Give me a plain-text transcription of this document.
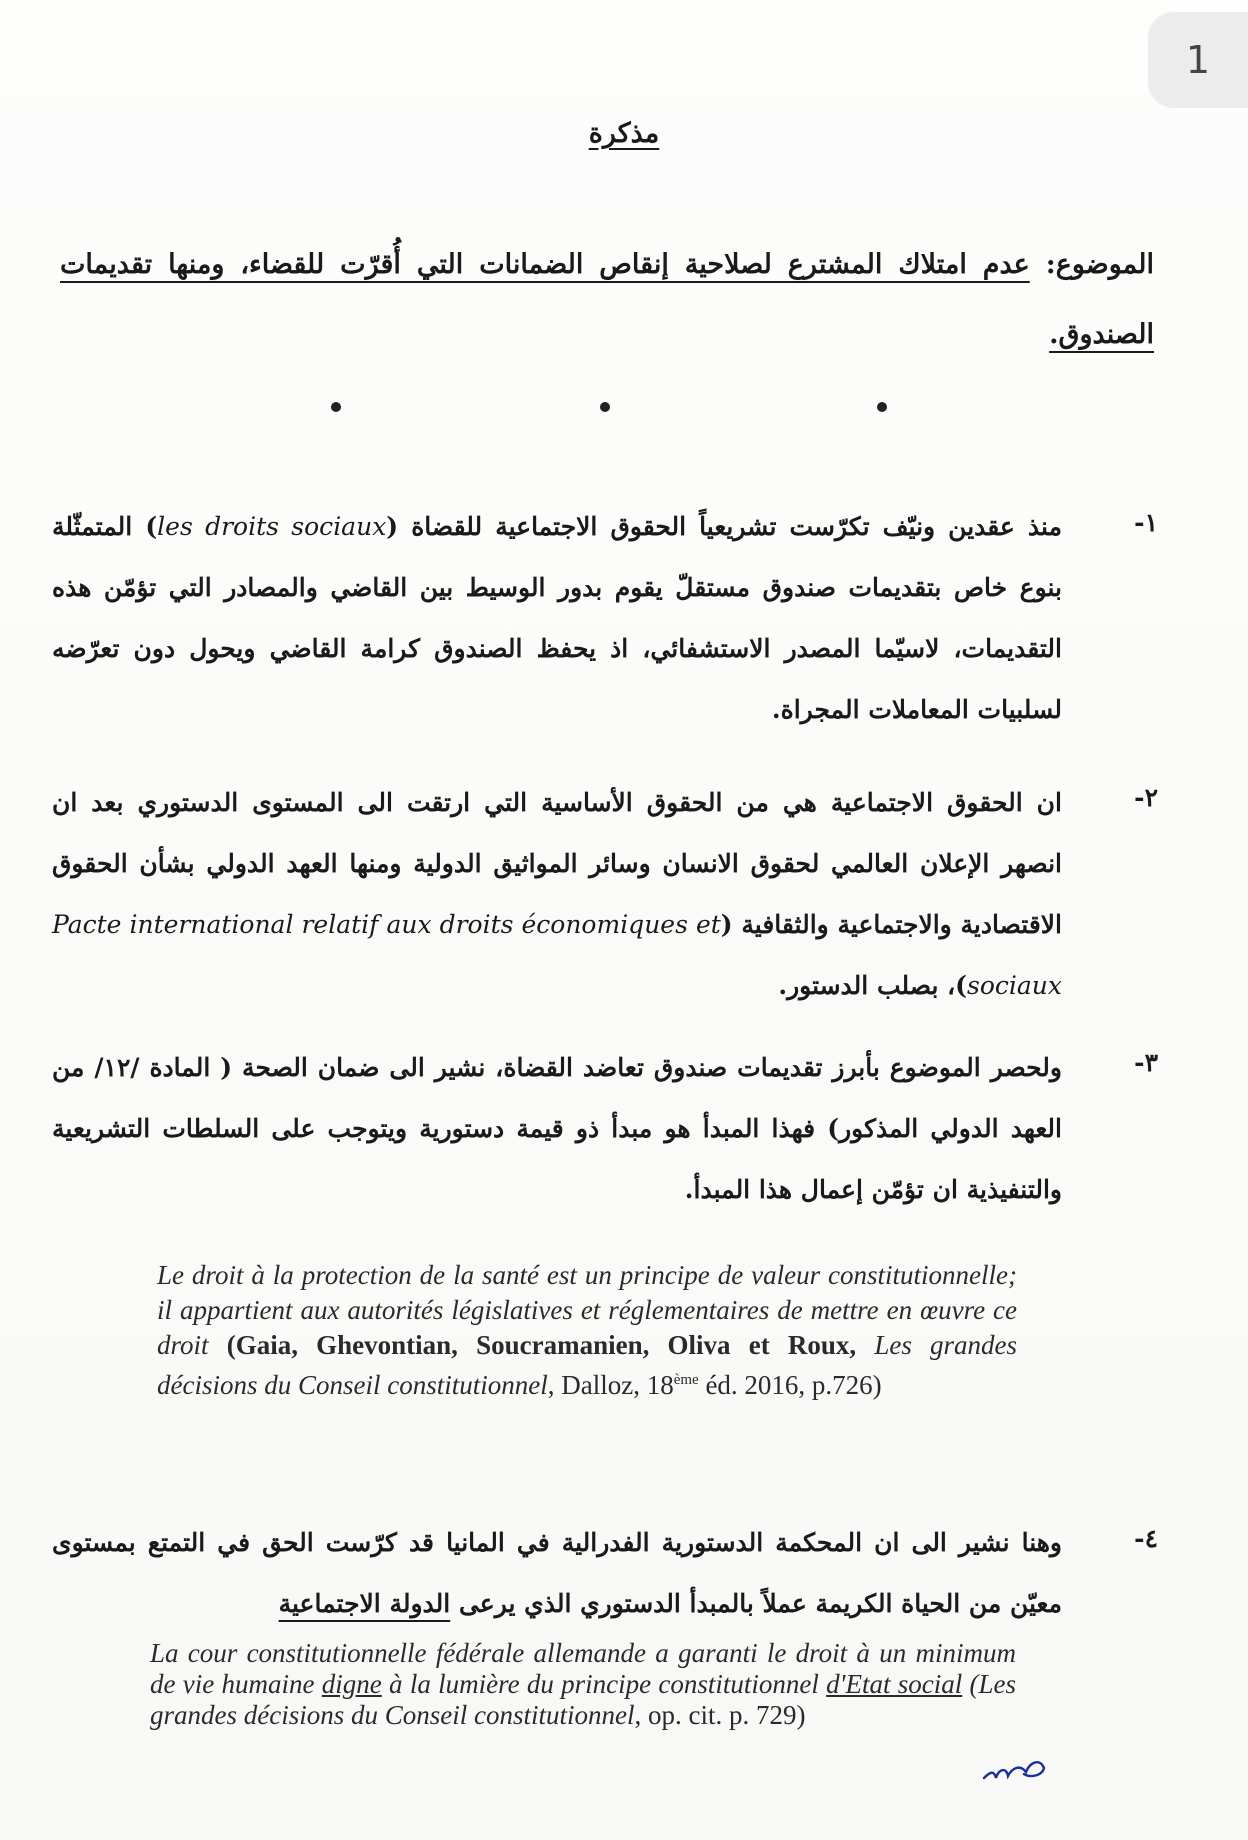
1
مذكرة
الموضوع: عدم امتلاك المشترع لصلاحية إنقاص الضمانات التي أُقرّت للقضاء، ومنها تقديمات الصندوق.
١-
منذ عقدين ونيّف تكرّست تشريعياً الحقوق الاجتماعية للقضاة (les droits sociaux) المتمثّلة بنوع خاص بتقديمات صندوق مستقلّ يقوم بدور الوسيط بين القاضي والمصادر التي تؤمّن هذه التقديمات، لاسيّما المصدر الاستشفائي، اذ يحفظ الصندوق كرامة القاضي ويحول دون تعرّضه لسلبيات المعاملات المجراة.
٢-
ان الحقوق الاجتماعية هي من الحقوق الأساسية التي ارتقت الى المستوى الدستوري بعد ان انصهر الإعلان العالمي لحقوق الانسان وسائر المواثيق الدولية ومنها العهد الدولي بشأن الحقوق الاقتصادية والاجتماعية والثقافية (Pacte international relatif aux droits économiques et sociaux)، بصلب الدستور.
٣-
ولحصر الموضوع بأبرز تقديمات صندوق تعاضد القضاة، نشير الى ضمان الصحة ( المادة /١٢/ من العهد الدولي المذكور) فهذا المبدأ هو مبدأ ذو قيمة دستورية ويتوجب على السلطات التشريعية والتنفيذية ان تؤمّن إعمال هذا المبدأ.
Le droit à la protection de la santé est un principe de valeur constitutionnelle; il appartient aux autorités législatives et réglementaires de mettre en œuvre ce droit (Gaia, Ghevontian, Soucramanien, Oliva et Roux, Les grandes décisions du Conseil constitutionnel, Dalloz, 18ème éd. 2016, p.726)
٤-
وهنا نشير الى ان المحكمة الدستورية الفدرالية في المانيا قد كرّست الحق في التمتع بمستوى معيّن من الحياة الكريمة عملاً بالمبدأ الدستوري الذي يرعى الدولة الاجتماعية
La cour constitutionnelle fédérale allemande a garanti le droit à un minimum de vie humaine digne à la lumière du principe constitutionnel d'Etat social (Les grandes décisions du Conseil constitutionnel, op. cit. p. 729)
